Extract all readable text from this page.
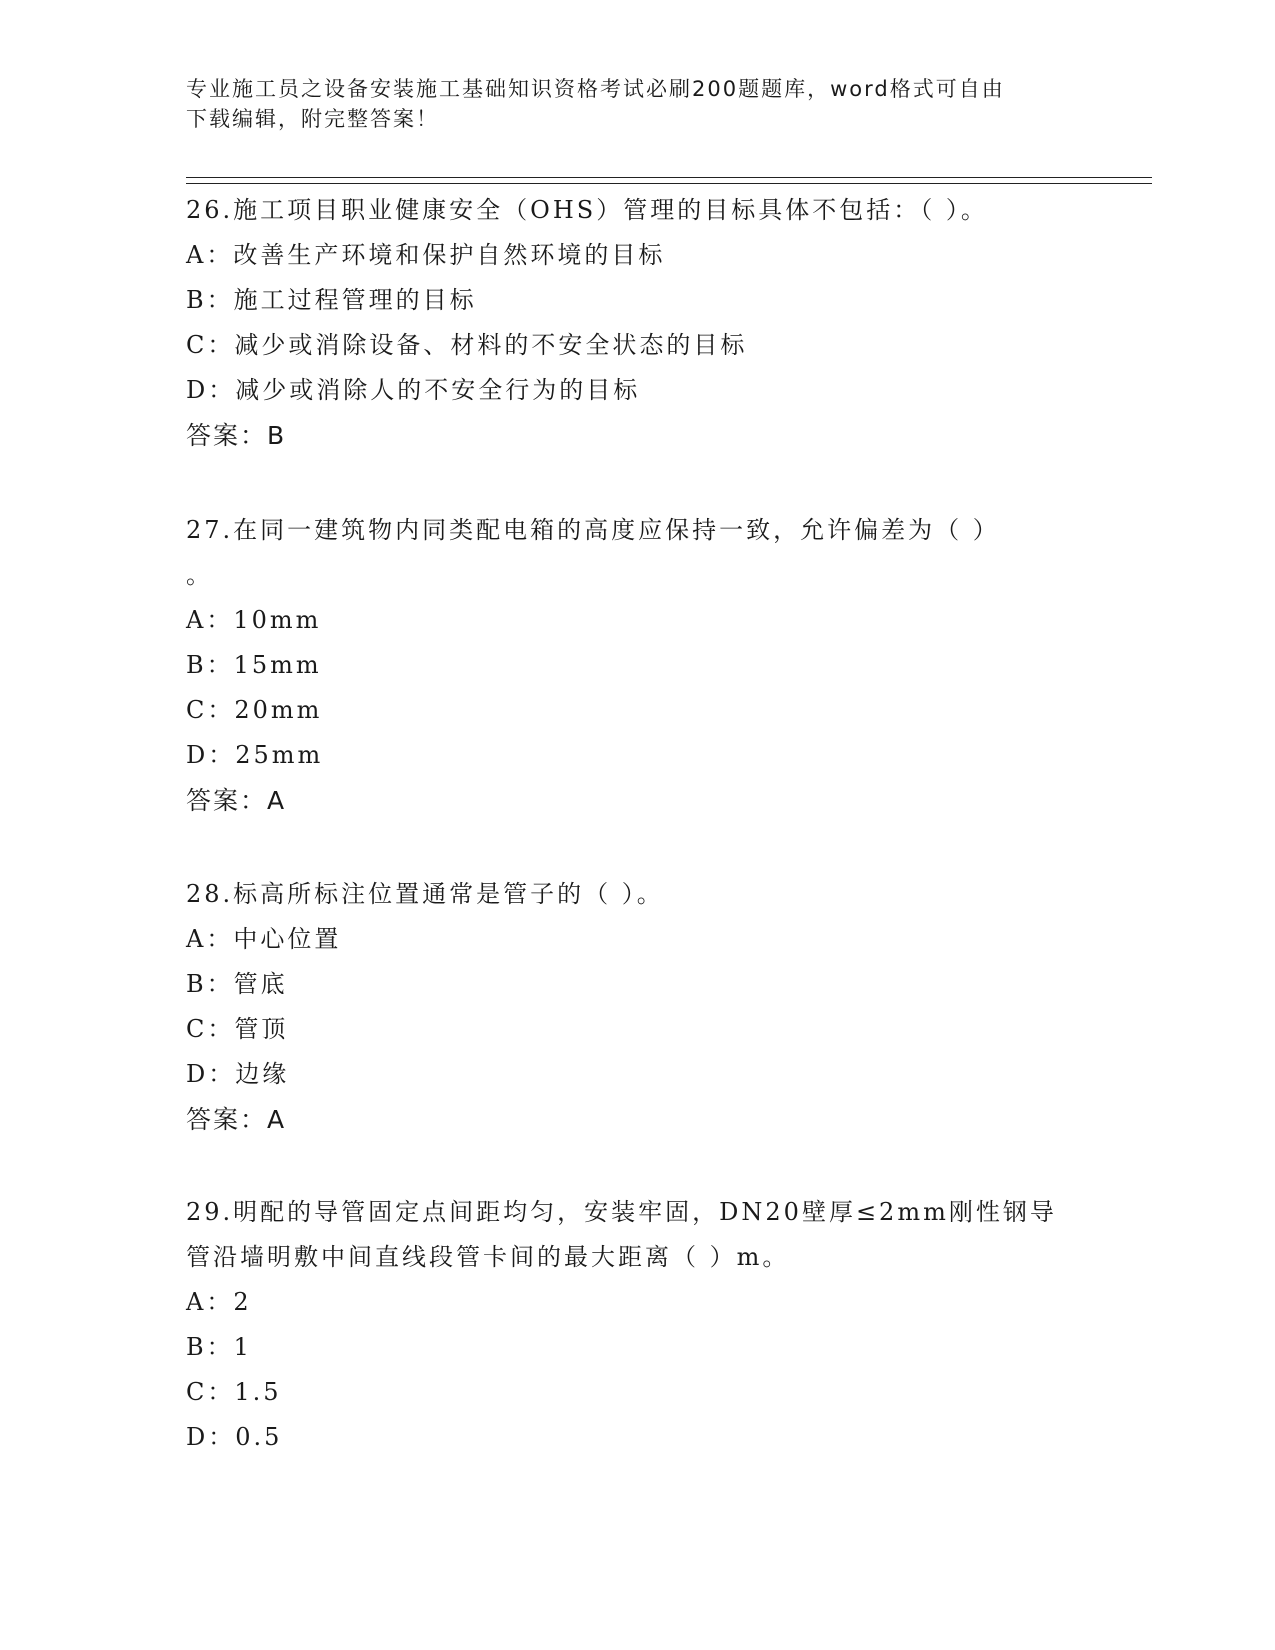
专业施工员之设备安装施工基础知识资格考试必刷200题题库，word格式可自由
下载编辑，附完整答案！
26.施工项目职业健康安全（OHS）管理的目标具体不包括：（ ）。
A：改善生产环境和保护自然环境的目标
B：施工过程管理的目标
C：减少或消除设备、材料的不安全状态的目标
D：减少或消除人的不安全行为的目标
答案：B
27.在同一建筑物内同类配电箱的高度应保持一致，允许偏差为（ ）
。
A：10mm
B：15mm
C：20mm
D：25mm
答案：A
28.标高所标注位置通常是管子的（ ）。
A：中心位置
B：管底
C：管顶
D：边缘
答案：A
29.明配的导管固定点间距均匀，安装牢固，DN20壁厚≤2mm刚性钢导
管沿墙明敷中间直线段管卡间的最大距离（ ）m。
A：2
B：1
C：1.5
D：0.5
